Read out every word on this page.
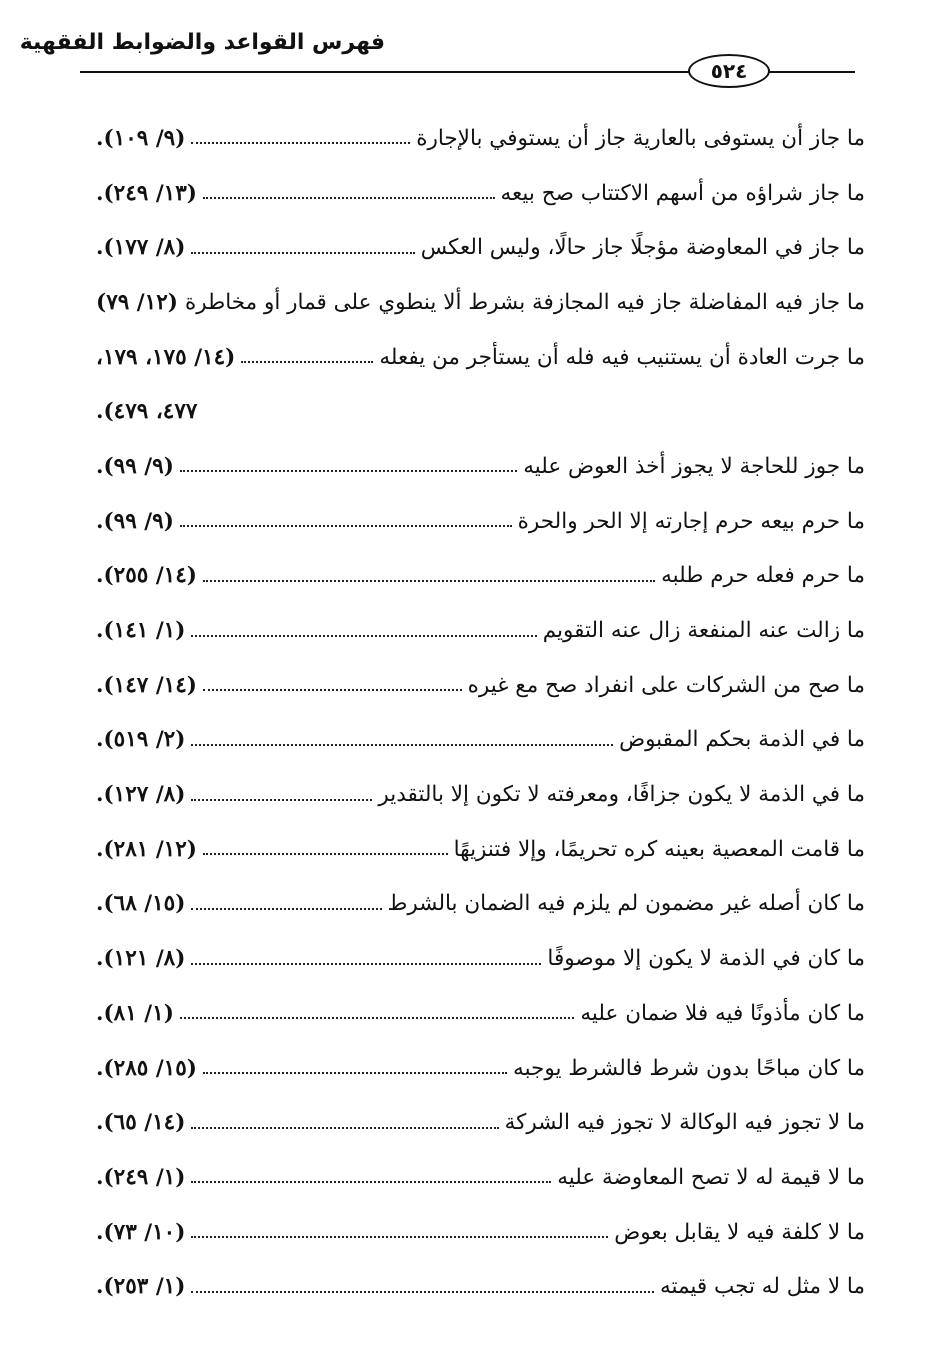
فهرس القواعد والضوابط الفقهية
٥٢٤
ما جاز أن يستوفى بالعارية جاز أن يستوفي بالإجارة
(٩/ ١٠٩).
ما جاز شراؤه من أسهم الاكتتاب صح بيعه
(١٣/ ٢٤٩).
ما جاز في المعاوضة مؤجلًا جاز حالًا، وليس العكس
(٨/ ١٧٧).
ما جاز فيه المفاضلة جاز فيه المجازفة بشرط ألا ينطوي على قمار أو مخاطرة
(١٢/ ٧٩)
ما جرت العادة أن يستنيب فيه فله أن يستأجر من يفعله
(١٤/ ١٧٥، ١٧٩،
٤٧٧، ٤٧٩).
ما جوز للحاجة لا يجوز أخذ العوض عليه
(٩/ ٩٩).
ما حرم بيعه حرم إجارته إلا الحر والحرة
(٩/ ٩٩).
ما حرم فعله حرم طلبه
(١٤/ ٢٥٥).
ما زالت عنه المنفعة زال عنه التقويم
(١/ ١٤١).
ما صح من الشركات على انفراد صح مع غيره
(١٤/ ١٤٧).
ما في الذمة بحكم المقبوض
(٢/ ٥١٩).
ما في الذمة لا يكون جزافًا، ومعرفته لا تكون إلا بالتقدير
(٨/ ١٢٧).
ما قامت المعصية بعينه كره تحريمًا، وإلا فتنزيهًا
(١٢/ ٢٨١).
ما كان أصله غير مضمون لم يلزم فيه الضمان بالشرط
(١٥/ ٦٨).
ما كان في الذمة لا يكون إلا موصوفًا
(٨/ ١٢١).
ما كان مأذونًا فيه فلا ضمان عليه
(١/ ٨١).
ما كان مباحًا بدون شرط فالشرط يوجبه
(١٥/ ٢٨٥).
ما لا تجوز فيه الوكالة لا تجوز فيه الشركة
(١٤/ ٦٥).
ما لا قيمة له لا تصح المعاوضة عليه
(١/ ٢٤٩).
ما لا كلفة فيه لا يقابل بعوض
(١٠/ ٧٣).
ما لا مثل له تجب قيمته
(١/ ٢٥٣).
